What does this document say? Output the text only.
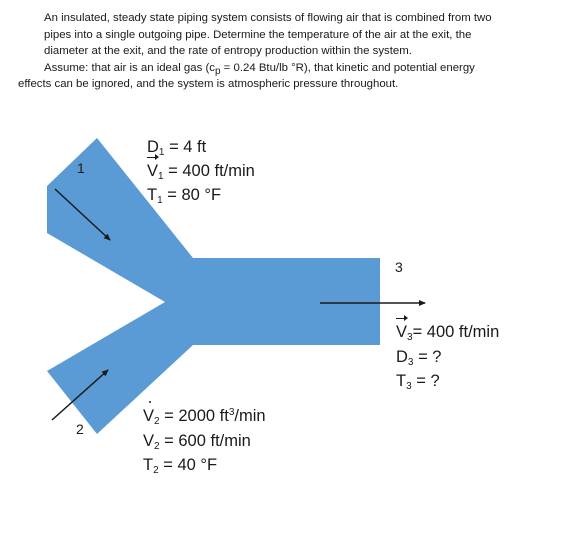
An insulated, steady state piping system consists of flowing air that is combined from two

pipes into a single outgoing pipe. Determine the temperature of the air at the exit, the

diameter at the exit, and the rate of entropy production within the system.

Assume: that air is an ideal gas ($c_p = 0.24$ Btu/lb °R), that kinetic and potential energy

effects can be ignored, and the system is atmospheric pressure throughout.

1
2
3
$D_1 = 4$ ft
$V_1 = 400$ ft/min
$T_1 = 80$ °F
$V_3= 400$ ft/min
$D_3$ = ?
$T_3$ = ?
$V_2 = 2000$ $ft^3/\min$
$V_2 = 600$ ft/min
$T_2 = 40$ °F
